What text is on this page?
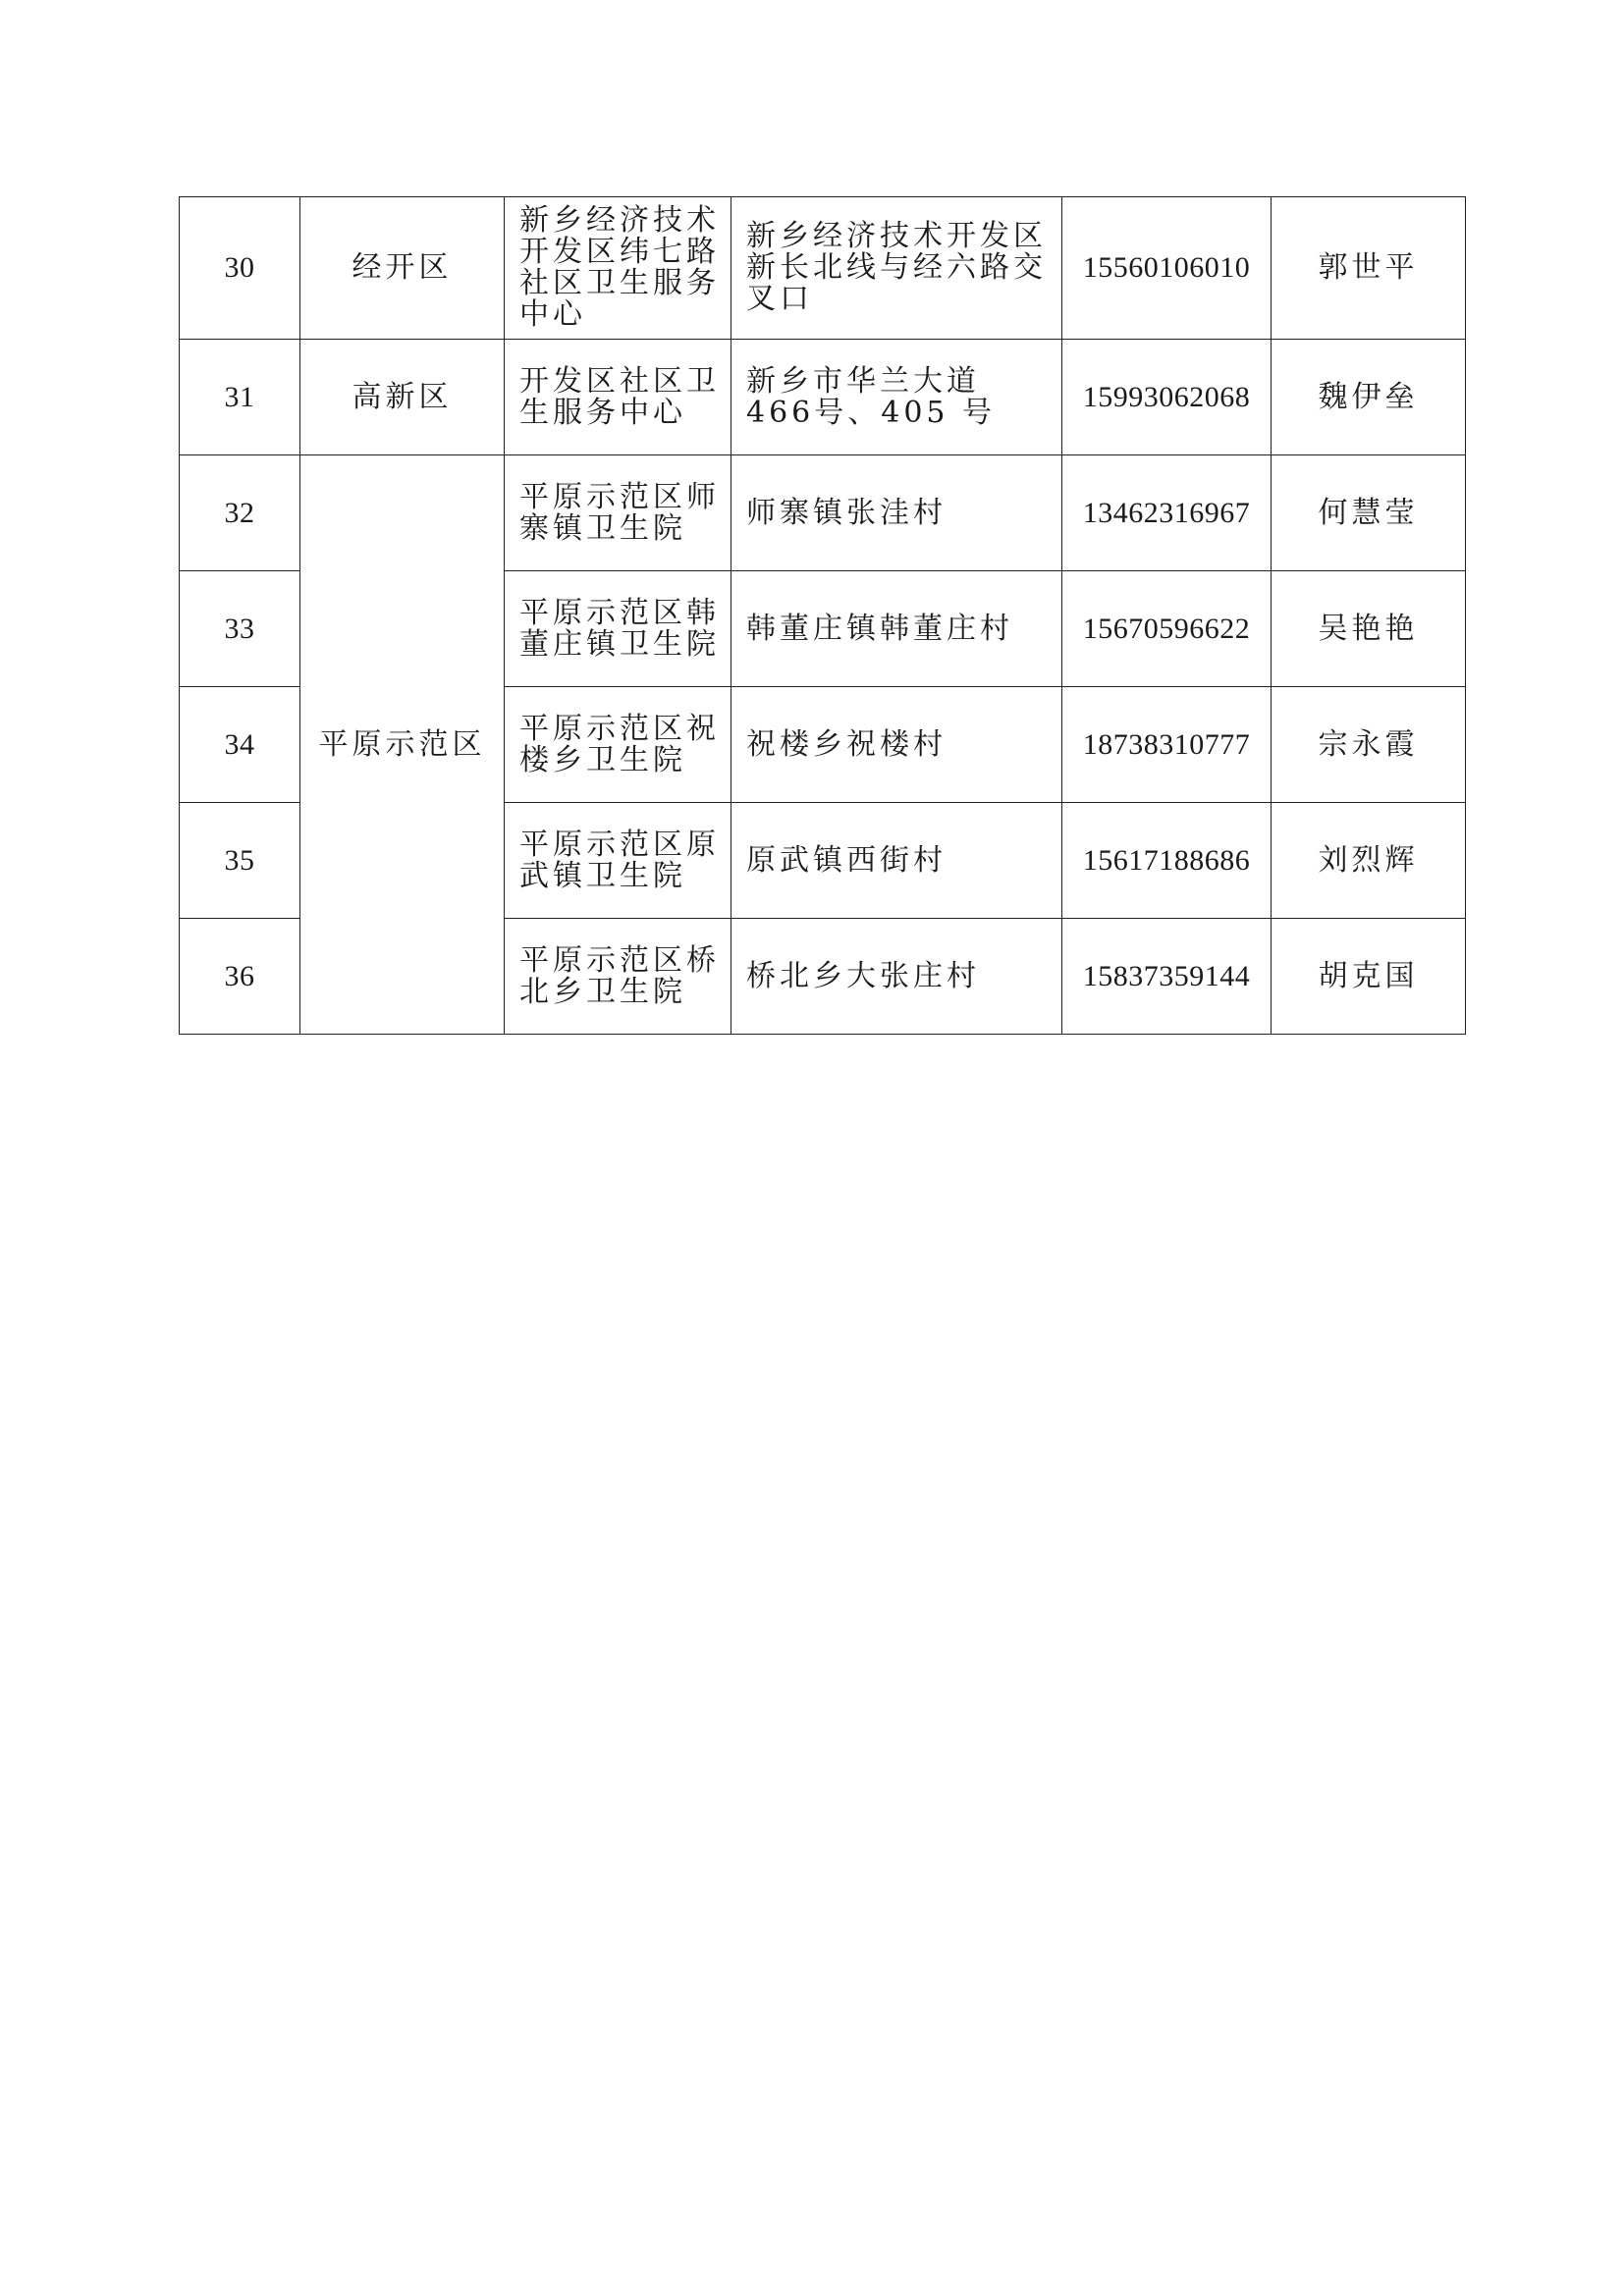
30	经开区	新乡经济技术开发区纬七路社区卫生服务中心	新乡经济技术开发区新长北线与经六路交叉口	15560106010	郭世平
31	高新区	开发区社区卫生服务中心	新乡市华兰大道 466号、405 号	15993062068	魏伊垒
32	平原示范区	平原示范区师寨镇卫生院	师寨镇张洼村	13462316967	何慧莹
33		平原示范区韩董庄镇卫生院	韩董庄镇韩董庄村	15670596622	吴艳艳
34		平原示范区祝楼乡卫生院	祝楼乡祝楼村	18738310777	宗永霞
35		平原示范区原武镇卫生院	原武镇西街村	15617188686	刘烈辉
36		平原示范区桥北乡卫生院	桥北乡大张庄村	15837359144	胡克国
